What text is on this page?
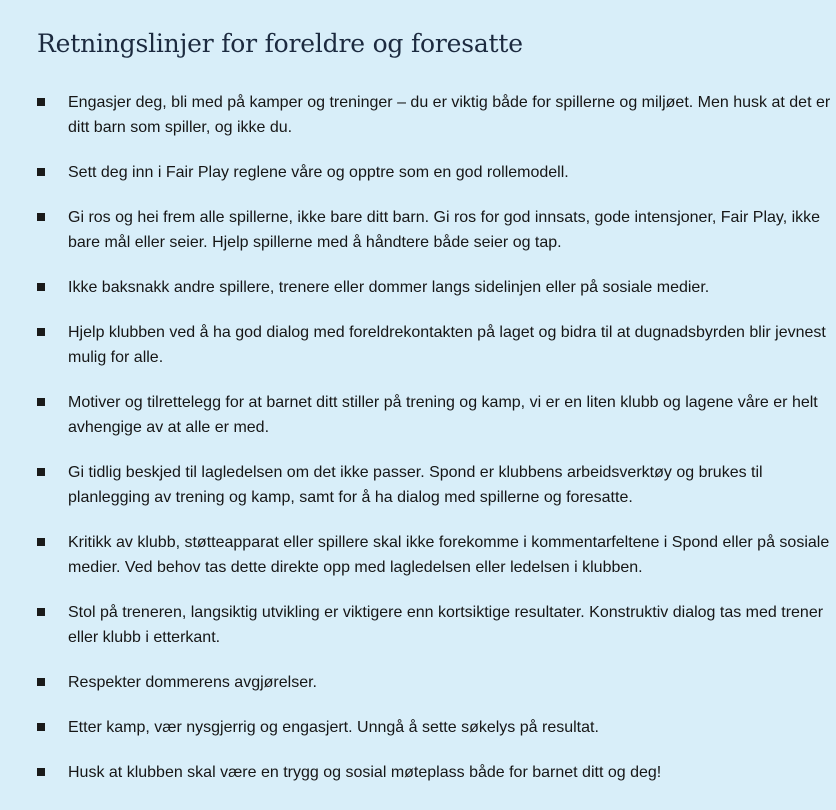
Retningslinjer for foreldre og foresatte
Engasjer deg, bli med på kamper og treninger – du er viktig både for spillerne og miljøet. Men husk at det er ditt barn som spiller, og ikke du.
Sett deg inn i Fair Play reglene våre og opptre som en god rollemodell.
Gi ros og hei frem alle spillerne, ikke bare ditt barn. Gi ros for god innsats, gode intensjoner, Fair Play, ikke bare mål eller seier. Hjelp spillerne med å håndtere både seier og tap.
Ikke baksnakk andre spillere, trenere eller dommer langs sidelinjen eller på sosiale medier.
Hjelp klubben ved å ha god dialog med foreldrekontakten på laget og bidra til at dugnadsbyrden blir jevnest mulig for alle.
Motiver og tilrettelegg for at barnet ditt stiller på trening og kamp, vi er en liten klubb og lagene våre er helt avhengige av at alle er med.
Gi tidlig beskjed til lagledelsen om det ikke passer. Spond er klubbens arbeidsverktøy og brukes til planlegging av trening og kamp, samt for å ha dialog med spillerne og foresatte.
Kritikk av klubb, støtteapparat eller spillere skal ikke forekomme i kommentarfeltene i Spond eller på sosiale medier. Ved behov tas dette direkte opp med lagledelsen eller ledelsen i klubben.
Stol på treneren, langsiktig utvikling er viktigere enn kortsiktige resultater. Konstruktiv dialog tas med trener eller klubb i etterkant.
Respekter dommerens avgjørelser.
Etter kamp, vær nysgjerrig og engasjert. Unngå å sette søkelys på resultat.
Husk at klubben skal være en trygg og sosial møteplass både for barnet ditt og deg!
